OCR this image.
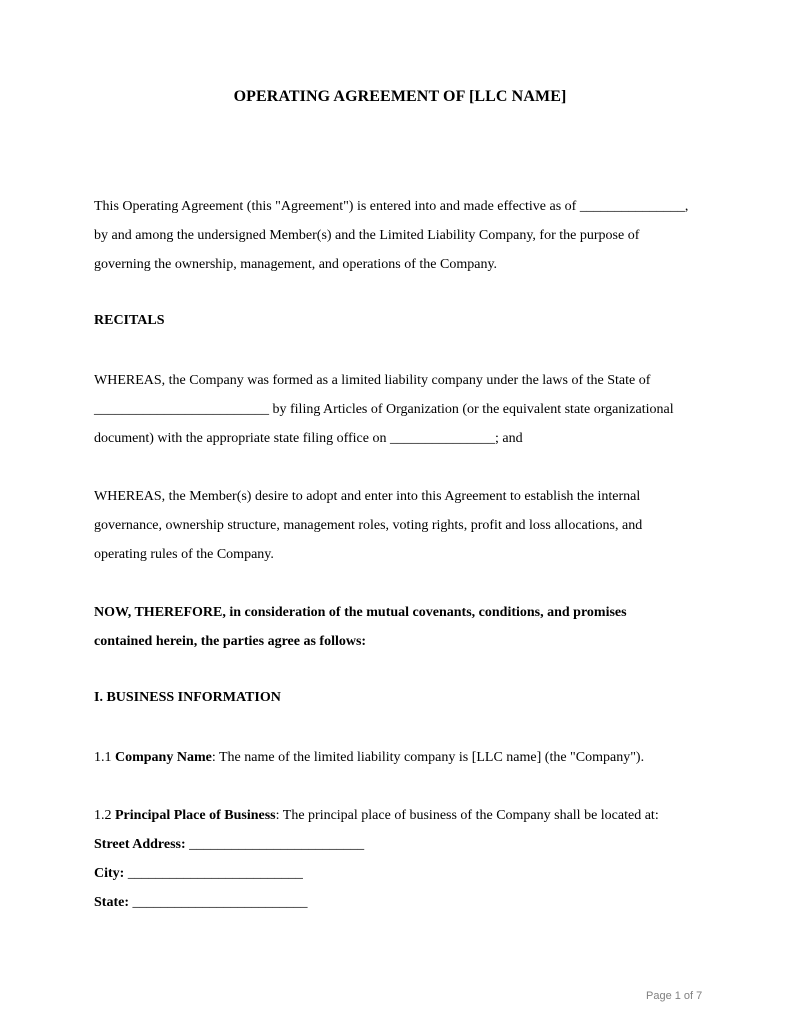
OPERATING AGREEMENT OF [LLC NAME]

This Operating Agreement (this "Agreement") is entered into and made effective as of _______________,
by and among the undersigned Member(s) and the Limited Liability Company, for the purpose of
governing the ownership, management, and operations of the Company.

RECITALS

WHEREAS, the Company was formed as a limited liability company under the laws of the State of
_________________________ by filing Articles of Organization (or the equivalent state organizational
document) with the appropriate state filing office on _______________; and

WHEREAS, the Member(s) desire to adopt and enter into this Agreement to establish the internal
governance, ownership structure, management roles, voting rights, profit and loss allocations, and
operating rules of the Company.

NOW, THEREFORE, in consideration of the mutual covenants, conditions, and promises
contained herein, the parties agree as follows:

I. BUSINESS INFORMATION

1.1 Company Name: The name of the limited liability company is [LLC name] (the "Company").

1.2 Principal Place of Business: The principal place of business of the Company shall be located at:

Street Address: _________________________
City: _________________________
State: _________________________
Page 1 of 7
